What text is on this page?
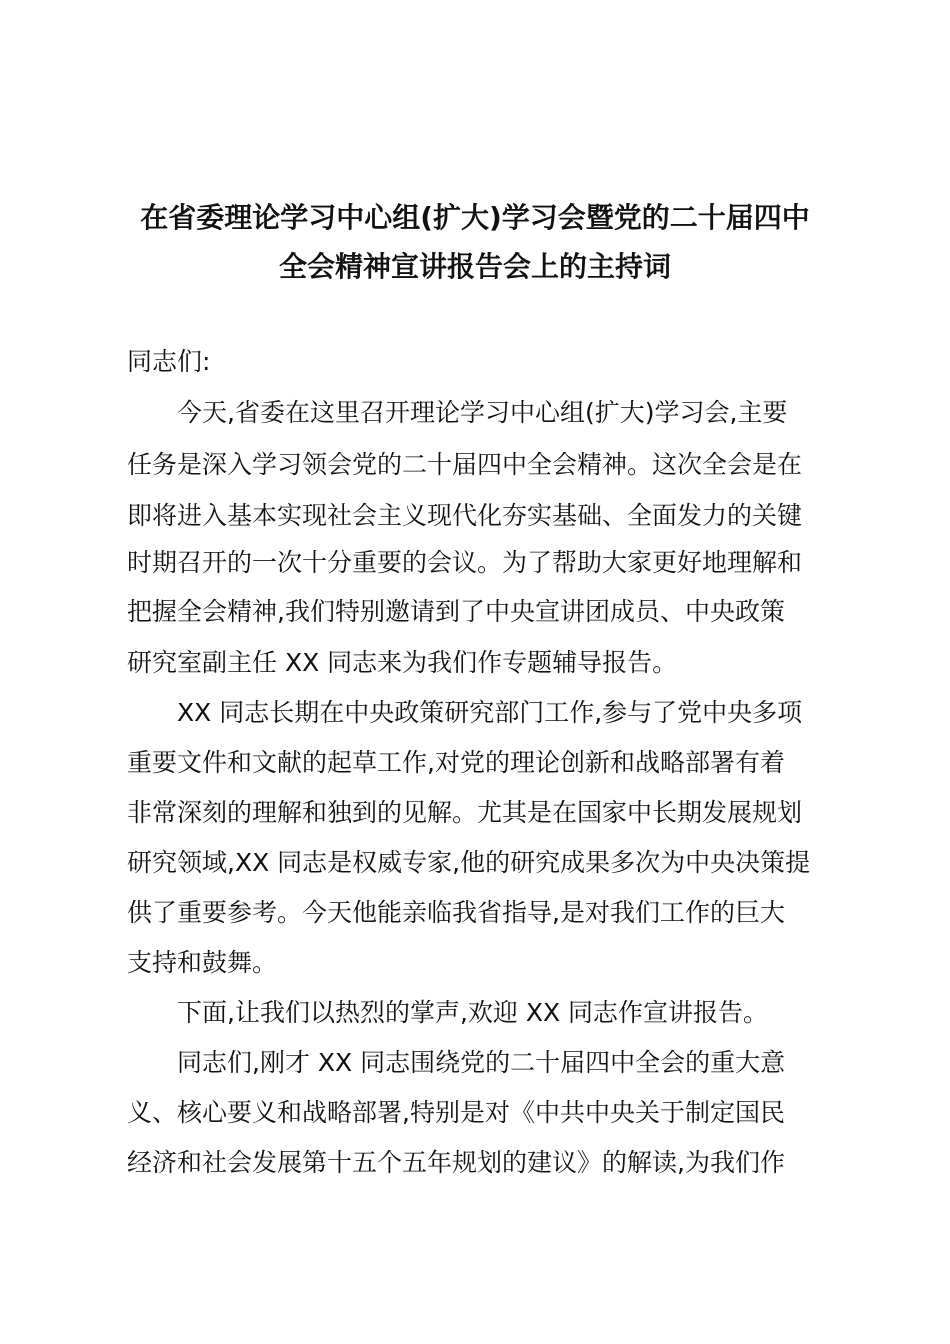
在省委理论学习中心组(扩大)学习会暨党的二十届四中
全会精神宣讲报告会上的主持词

同志们:

今天,省委在这里召开理论学习中心组(扩大)学习会,主要

任务是深入学习领会党的二十届四中全会精神。这次全会是在

即将进入基本实现社会主义现代化夯实基础、全面发力的关键

时期召开的一次十分重要的会议。为了帮助大家更好地理解和

把握全会精神,我们特别邀请到了中央宣讲团成员、中央政策

研究室副主任 XX 同志来为我们作专题辅导报告。

XX 同志长期在中央政策研究部门工作,参与了党中央多项

重要文件和文献的起草工作,对党的理论创新和战略部署有着

非常深刻的理解和独到的见解。尤其是在国家中长期发展规划

研究领域,XX 同志是权威专家,他的研究成果多次为中央决策提

供了重要参考。今天他能亲临我省指导,是对我们工作的巨大

支持和鼓舞。

下面,让我们以热烈的掌声,欢迎 XX 同志作宣讲报告。

同志们,刚才 XX 同志围绕党的二十届四中全会的重大意

义、核心要义和战略部署,特别是对《中共中央关于制定国民

经济和社会发展第十五个五年规划的建议》的解读,为我们作
